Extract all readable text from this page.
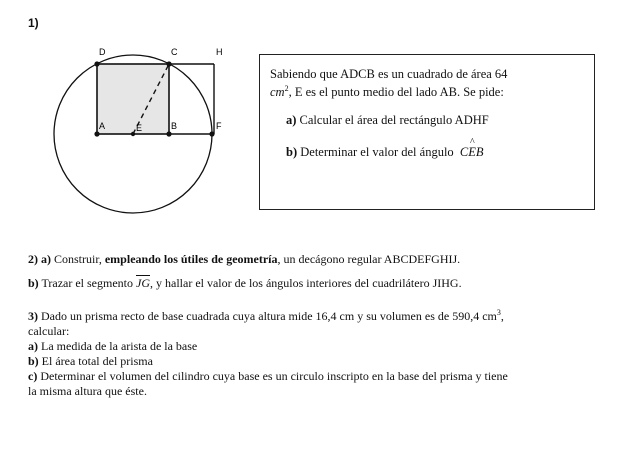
1)
D	C	H
A	E	B	F

Sabiendo que ADCB es un cuadrado de área 64
$cm^2$, E es el punto medio del lado AB. Se pide:

a) Calcular el área del rectángulo ADHF

b) Determinar el valor del ángulo C^ EB

2) a) Construir, empleando los útiles de geometría, un decágono regular ABCDEFGHIJ.

b) Trazar el segmento $\overline{JG}$, y hallar el valor de los ángulos interiores del cuadrilátero JIHG.

3) Dado un prisma recto de base cuadrada cuya altura mide 16,4 cm y su volumen es de 590,4 $cm^3$,

calcular:

a) La medida de la arista de la base

b) El área total del prisma

c) Determinar el volumen del cilindro cuya base es un circulo inscripto en la base del prisma y tiene

la misma altura que éste.
